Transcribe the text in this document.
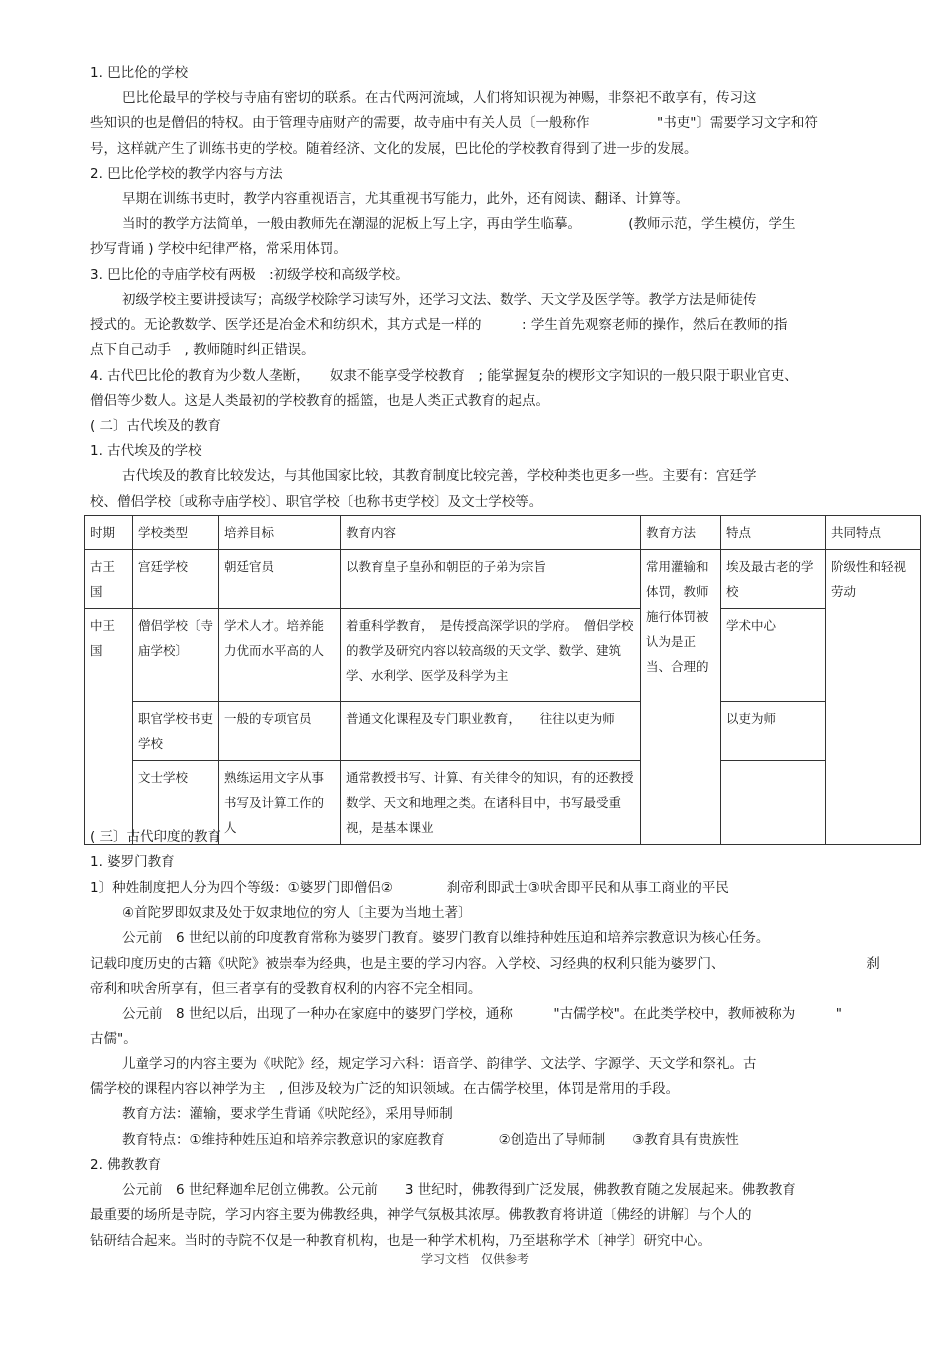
1. 巴比伦的学校
巴比伦最早的学校与寺庙有密切的联系。在古代两河流域，人们将知识视为神赐，非祭祀不敢享有，传习这
些知识的也是僧侣的特权。由于管理寺庙财产的需要，故寺庙中有关人员〔一般称作　　　　　"书吏"〕需要学习文字和符
号，这样就产生了训练书吏的学校。随着经济、文化的发展，巴比伦的学校教育得到了进一步的发展。
2. 巴比伦学校的教学内容与方法
早期在训练书吏时，教学内容重视语言，尤其重视书写能力，此外，还有阅读、翻译、计算等。
当时的教学方法简单，一般由教师先在潮湿的泥板上写上字，再由学生临摹。　　　　(教师示范，学生模仿，学生
抄写背诵 ) 学校中纪律严格，常采用体罚。
3. 巴比伦的寺庙学校有两极　:初级学校和高级学校。
初级学校主要讲授读写；高级学校除学习读写外，还学习文法、数学、天文学及医学等。教学方法是师徒传
授式的。无论教数学、医学还是冶金术和纺织术，其方式是一样的　　　: 学生首先观察老师的操作，然后在教师的指
点下自己动手　, 教师随时纠正错误。
4. 古代巴比伦的教育为少数人垄断，　　奴隶不能享受学校教育　; 能掌握复杂的楔形文字知识的一般只限于职业官吏、
僧侣等少数人。这是人类最初的学校教育的摇篮，也是人类正式教育的起点。
( 二〕古代埃及的教育
1. 古代埃及的学校
古代埃及的教育比较发达，与其他国家比较，其教育制度比较完善，学校种类也更多一些。主要有：宫廷学
校、僧侣学校〔或称寺庙学校〕、职官学校〔也称书吏学校〕及文士学校等。
时期	学校类型	培养目标	教育内容	教育方法	特点	共同特点
古王国	宫廷学校	朝廷官员	以教育皇子皇孙和朝臣的子弟为宗旨	常用灌输和体罚，教师施行体罚被认为是正当、合理的	埃及最古老的学校	阶级性和轻视劳动
中王国	僧侣学校〔寺庙学校〕	学术人才。培养能力优而水平高的人	着重科学教育，　是传授高深学识的学府。　僧侣学校的教学及研究内容以较高级的天文学、数学、建筑学、水利学、医学及科学为主		学术中心	
	职官学校书吏学校	一般的专项官员	普通文化课程及专门职业教育，　　往往以吏为师		以吏为师	
	文士学校	熟练运用文字从事书写及计算工作的人	通常教授书写、计算、有关律令的知识，有的还教授数学、天文和地理之类。在诸科目中，书写最受重视，是基本课业			
( 三〕古代印度的教育
1. 婆罗门教育
1〕种姓制度把人分为四个等级：①婆罗门即僧侣②　　　　刹帝利即武士③吠舍即平民和从事工商业的平民
④首陀罗即奴隶及处于奴隶地位的穷人〔主要为当地土著〕
公元前　6 世纪以前的印度教育常称为婆罗门教育。婆罗门教育以维持种姓压迫和培养宗教意识为核心任务。
记载印度历史的古籍《吠陀》被崇奉为经典，也是主要的学习内容。入学校、习经典的权利只能为婆罗门、　　　　　　　　　　　刹
帝利和吠舍所享有，但三者享有的受教育权利的内容不完全相同。
公元前　8 世纪以后，出现了一种办在家庭中的婆罗门学校，通称　　　"古儒学校"。在此类学校中，教师被称为　　　"
古儒"。
儿童学习的内容主要为《吠陀》经，规定学习六科：语音学、韵律学、文法学、字源学、天文学和祭礼。古
儒学校的课程内容以神学为主　, 但涉及较为广泛的知识领域。在古儒学校里，体罚是常用的手段。
教育方法：灌输，要求学生背诵《吠陀经》，采用导师制
教育特点：①维持种姓压迫和培养宗教意识的家庭教育　　　　②创造出了导师制　　③教育具有贵族性
2. 佛教教育
公元前　6 世纪释迦牟尼创立佛教。公元前　　3 世纪时，佛教得到广泛发展，佛教教育随之发展起来。佛教教育
最重要的场所是寺院，学习内容主要为佛教经典，神学气氛极其浓厚。佛教教育将讲道〔佛经的讲解〕与个人的
钻研结合起来。当时的寺院不仅是一种教育机构，也是一种学术机构，乃至堪称学术〔神学〕研究中心。
学习文档　仅供参考
